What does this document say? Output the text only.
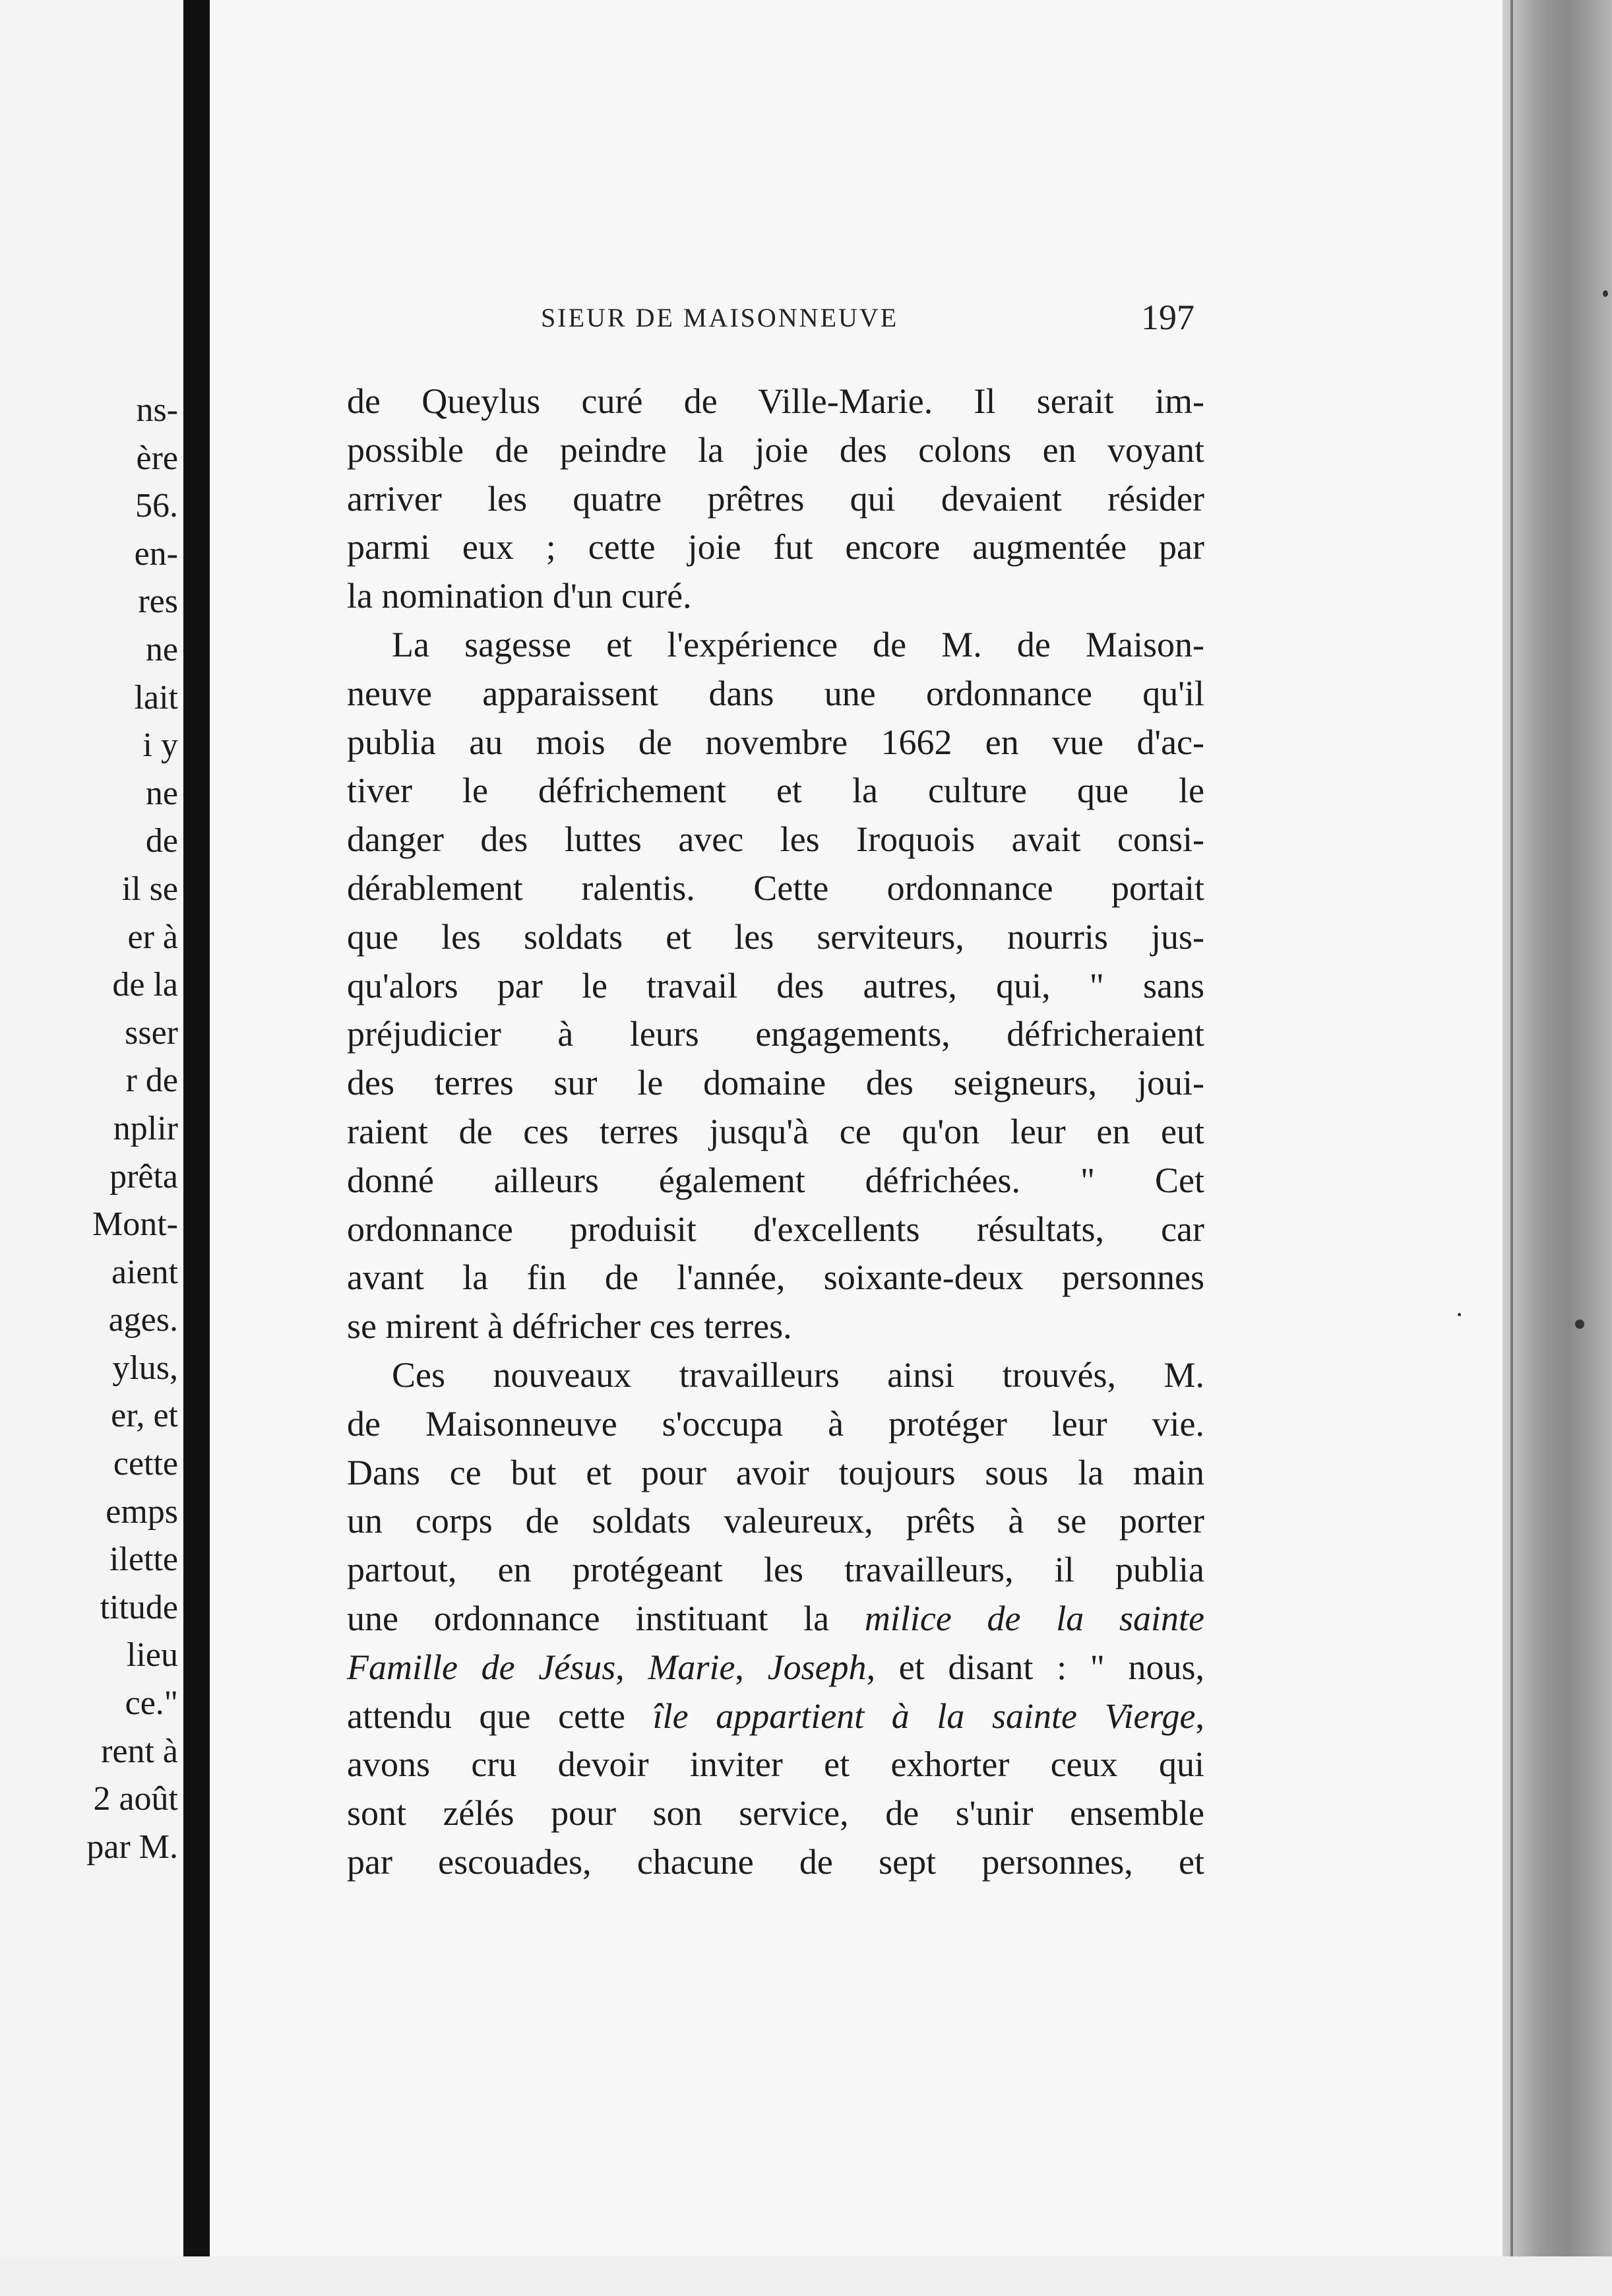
ns-
ère
56.
en-
res
ne
lait
i y
ne
de
il se
er à
de la
sser
r de
nplir
prêta
Mont-
aient
ages.
ylus,
er, et
cette
emps
ilette
titude
lieu
ce."
rent à
2 août
par M.
SIEUR DE MAISONNEUVE	197
de Queylus curé de Ville-Marie. Il serait im-
possible de peindre la joie des colons en voyant
arriver les quatre prêtres qui devaient résider
parmi eux ; cette joie fut encore augmentée par
la nomination d'un curé.
La sagesse et l'expérience de M. de Maison-
neuve apparaissent dans une ordonnance qu'il
publia au mois de novembre 1662 en vue d'ac-
tiver le défrichement et la culture que le
danger des luttes avec les Iroquois avait consi-
dérablement ralentis. Cette ordonnance portait
que les soldats et les serviteurs, nourris jus-
qu'alors par le travail des autres, qui, " sans
préjudicier à leurs engagements, défricheraient
des terres sur le domaine des seigneurs, joui-
raient de ces terres jusqu'à ce qu'on leur en eut
donné ailleurs également défrichées. " Cet
ordonnance produisit d'excellents résultats, car
avant la fin de l'année, soixante-deux personnes
se mirent à défricher ces terres.
Ces nouveaux travailleurs ainsi trouvés, M.
de Maisonneuve s'occupa à protéger leur vie.
Dans ce but et pour avoir toujours sous la main
un corps de soldats valeureux, prêts à se porter
partout, en protégeant les travailleurs, il publia
une ordonnance instituant la milice de la sainte
Famille de Jésus, Marie, Joseph, et disant : " nous,
attendu que cette île appartient à la sainte Vierge,
avons cru devoir inviter et exhorter ceux qui
sont zélés pour son service, de s'unir ensemble
par escouades, chacune de sept personnes, et
